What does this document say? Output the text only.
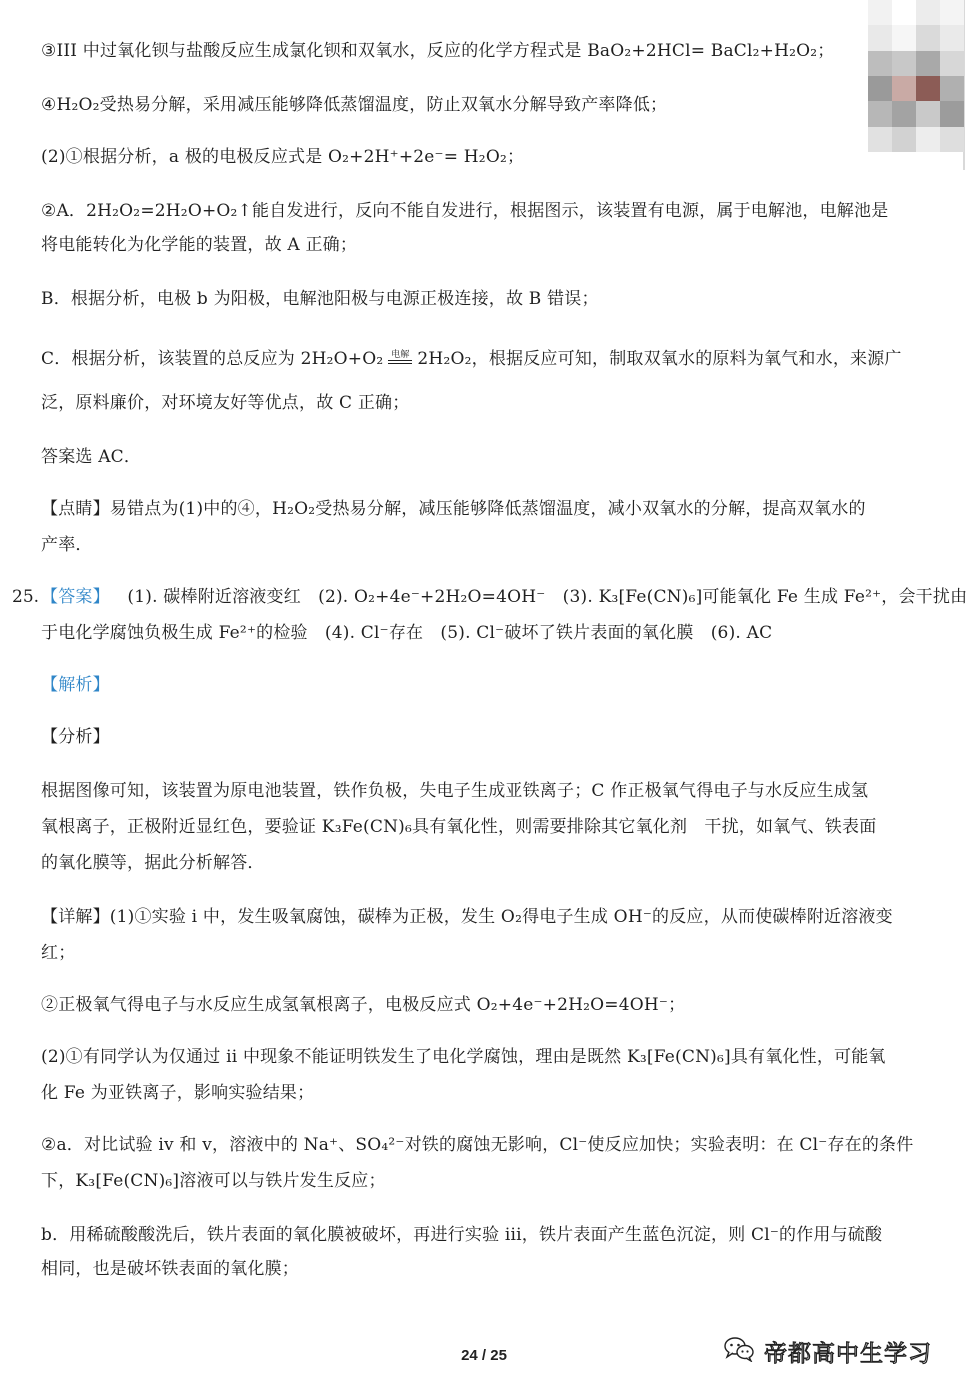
③III 中过氧化钡与盐酸反应生成氯化钡和双氧水，反应的化学方程式是 BaO₂+2HCl= BaCl₂+H₂O₂；
④H₂O₂受热易分解，采用减压能够降低蒸馏温度，防止双氧水分解导致产率降低；
(2)①根据分析，a 极的电极反应式是 O₂+2H⁺+2e⁻= H₂O₂；
②A．2H₂O₂=2H₂O+O₂↑能自发进行，反向不能自发进行，根据图示，该装置有电源，属于电解池，电解池是
将电能转化为化学能的装置，故 A 正确；
B．根据分析，电极 b 为阳极，电解池阳极与电源正极连接，故 B 错误；
C．根据分析，该装置的总反应为 2H₂O+O₂ 电解 2H₂O₂，根据反应可知，制取双氧水的原料为氧气和水，来源广
泛，原料廉价，对环境友好等优点，故 C 正确；
答案选 AC．
【点睛】易错点为(1)中的④，H₂O₂受热易分解，减压能够降低蒸馏温度，减小双氧水的分解，提高双氧水的
产率．
25. 【答案】 (1). 碳棒附近溶液变红　(2). O₂+4e⁻+2H₂O=4OH⁻　(3). K₃[Fe(CN)₆]可能氧化 Fe 生成 Fe²⁺，会干扰由
于电化学腐蚀负极生成 Fe²⁺的检验　(4). Cl⁻存在　(5). Cl⁻破坏了铁片表面的氧化膜　(6). AC
【解析】
【分析】
根据图像可知，该装置为原电池装置，铁作负极，失电子生成亚铁离子；C 作正极氧气得电子与水反应生成氢
氧根离子，正极附近显红色，要验证 K₃Fe(CN)₆具有氧化性，则需要排除其它氧化剂　干扰，如氧气、铁表面
的氧化膜等，据此分析解答．
【详解】(1)①实验 i 中，发生吸氧腐蚀，碳棒为正极，发生 O₂得电子生成 OH⁻的反应，从而使碳棒附近溶液变
红；
②正极氧气得电子与水反应生成氢氧根离子，电极反应式 O₂+4e⁻+2H₂O=4OH⁻；
(2)①有同学认为仅通过 ii 中现象不能证明铁发生了电化学腐蚀，理由是既然 K₃[Fe(CN)₆]具有氧化性，可能氧
化 Fe 为亚铁离子，影响实验结果；
②a．对比试验 iv 和 v，溶液中的 Na⁺、SO₄²⁻对铁的腐蚀无影响，Cl⁻使反应加快；实验表明：在 Cl⁻存在的条件
下，K₃[Fe(CN)₆]溶液可以与铁片发生反应；
b．用稀硫酸酸洗后，铁片表面的氧化膜被破坏，再进行实验 iii，铁片表面产生蓝色沉淀，则 Cl⁻的作用与硫酸
相同，也是破坏铁表面的氧化膜；
24 / 25	帝都高中生学习
